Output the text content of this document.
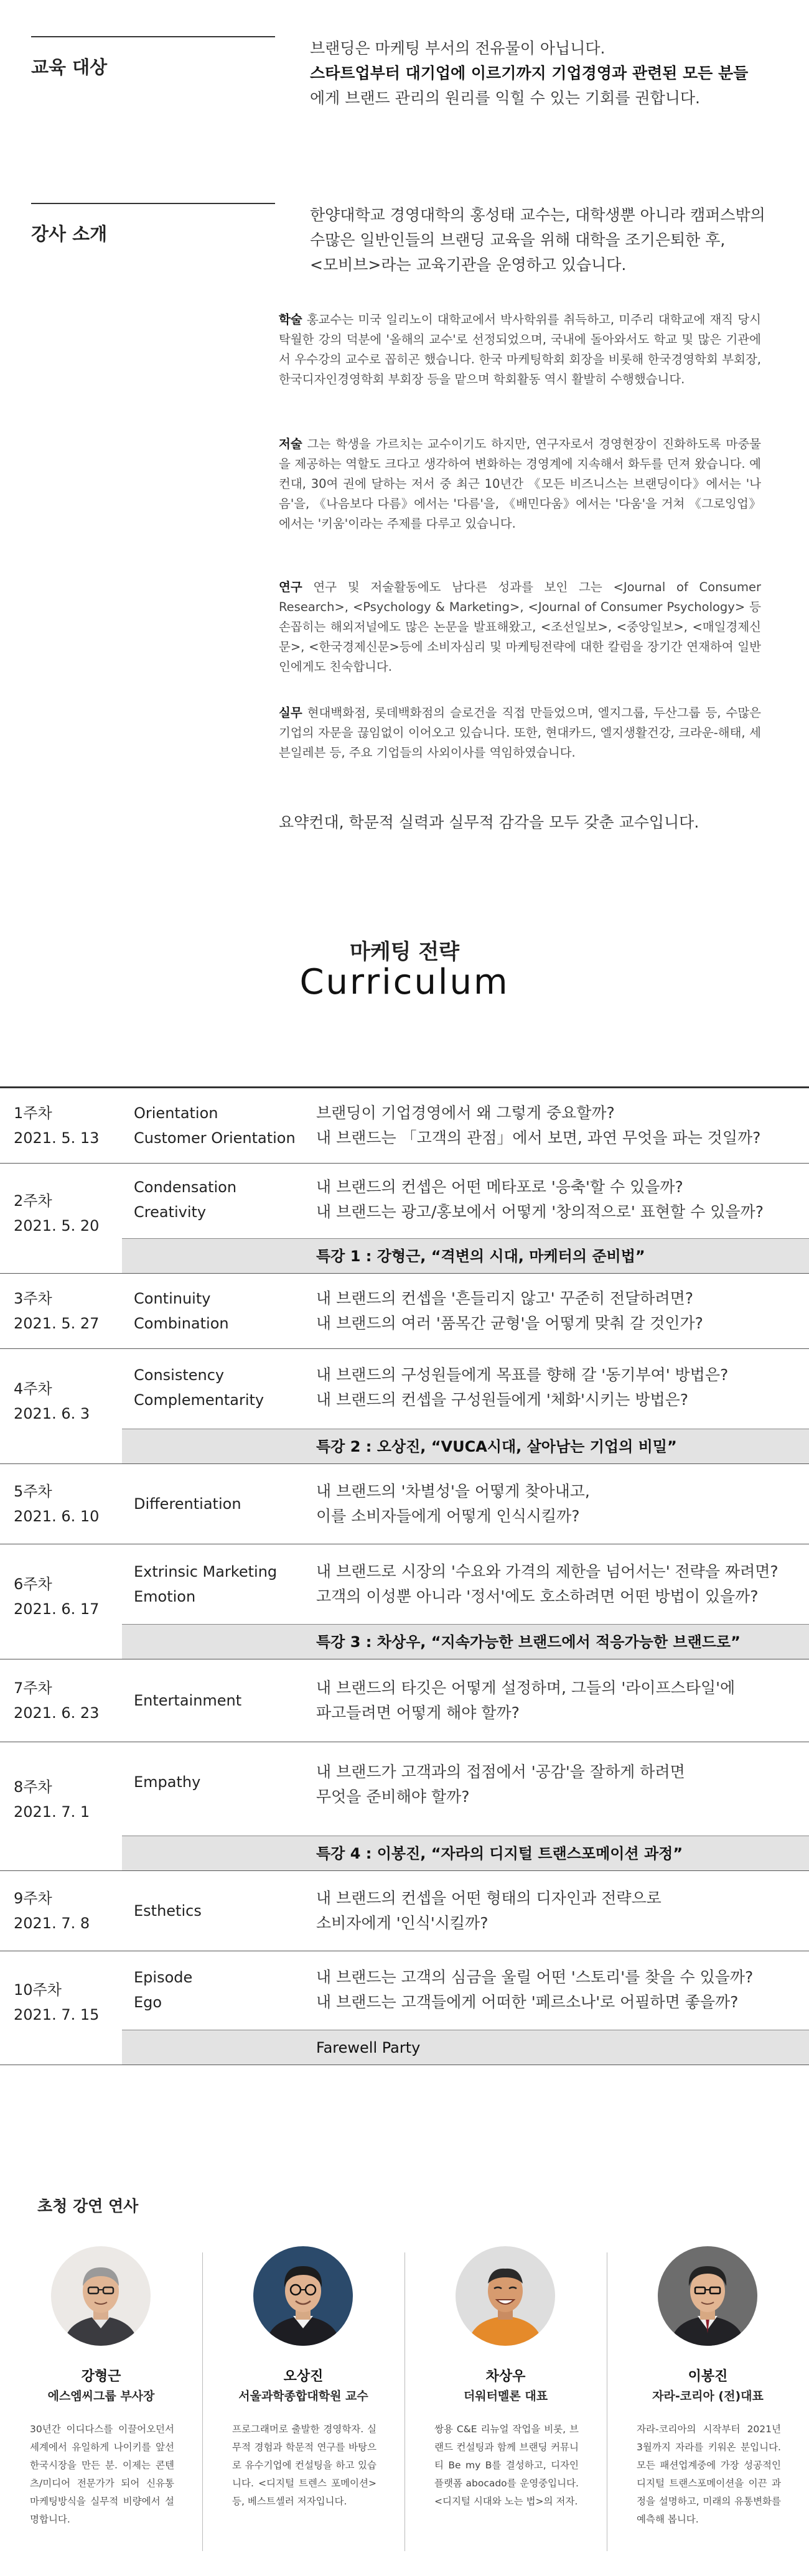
교육 대상
브랜딩은 마케팅 부서의 전유물이 아닙니다.
스타트업부터 대기업에 이르기까지 기업경영과 관련된 모든 분들
에게 브랜드 관리의 원리를 익힐 수 있는 기회를 권합니다.
강사 소개
한양대학교 경영대학의 홍성태 교수는, 대학생뿐 아니라 캠퍼스밖의
수많은 일반인들의 브랜딩 교육을 위해 대학을 조기은퇴한 후,
<모비브>라는 교육기관을 운영하고 있습니다.
학술 홍교수는 미국 일리노이 대학교에서 박사학위를 취득하고, 미주리 대학교에 재직 당시 탁월한 강의 덕분에 '올해의 교수'로 선정되었으며, 국내에 돌아와서도 학교 및 많은 기관에서 우수강의 교수로 꼽히곤 했습니다. 한국 마케팅학회 회장을 비롯해 한국경영학회 부회장, 한국디자인경영학회 부회장 등을 맡으며 학회활동 역시 활발히 수행했습니다.
저술 그는 학생을 가르치는 교수이기도 하지만, 연구자로서 경영현장이 진화하도록 마중물을 제공하는 역할도 크다고 생각하여 변화하는 경영계에 지속해서 화두를 던져 왔습니다. 예컨대, 30여 권에 달하는 저서 중 최근 10년간 《모든 비즈니스는 브랜딩이다》에서는 '나음'을, 《나음보다 다름》에서는 '다름'을, 《배민다움》에서는 '다움'을 거쳐 《그로잉업》에서는 '키움'이라는 주제를 다루고 있습니다.
연구 연구 및 저술활동에도 남다른 성과를 보인 그는 <Journal of Consumer Research>, <Psychology & Marketing>, <Journal of Consumer Psychology> 등 손꼽히는 해외저널에도 많은 논문을 발표해왔고, <조선일보>, <중앙일보>, <매일경제신문>, <한국경제신문>등에 소비자심리 및 마케팅전략에 대한 칼럼을 장기간 연재하여 일반인에게도 친숙합니다.
실무 현대백화점, 롯데백화점의 슬로건을 직접 만들었으며, 엘지그룹, 두산그룹 등, 수많은 기업의 자문을 끊임없이 이어오고 있습니다. 또한, 현대카드, 엘지생활건강, 크라운-해태, 세븐일레븐 등, 주요 기업들의 사외이사를 역임하였습니다.
요약컨대, 학문적 실력과 실무적 감각을 모두 갖춘 교수입니다.
마케팅 전략
Curriculum
1주차
2021. 5. 13
Orientation
Customer Orientation
브랜딩이 기업경영에서 왜 그렇게 중요할까?
내 브랜드는 「고객의 관점」에서 보면, 과연 무엇을 파는 것일까?
2주차
2021. 5. 20
Condensation
Creativity
내 브랜드의 컨셉은 어떤 메타포로 '응축'할 수 있을까?
내 브랜드는 광고/홍보에서 어떻게 '창의적으로' 표현할 수 있을까?
특강 1 : 강형근, “격변의 시대, 마케터의 준비법”
3주차
2021. 5. 27
Continuity
Combination
내 브랜드의 컨셉을 '흔들리지 않고' 꾸준히 전달하려면?
내 브랜드의 여러 '품목간 균형'을 어떻게 맞춰 갈 것인가?
4주차
2021. 6. 3
Consistency
Complementarity
내 브랜드의 구성원들에게 목표를 향해 갈 '동기부여' 방법은?
내 브랜드의 컨셉을 구성원들에게 '체화'시키는 방법은?
특강 2 : 오상진, “VUCA시대, 살아남는 기업의 비밀”
5주차
2021. 6. 10
Differentiation
내 브랜드의 '차별성'을 어떻게 찾아내고,
이를 소비자들에게 어떻게 인식시킬까?
6주차
2021. 6. 17
Extrinsic Marketing
Emotion
내 브랜드로 시장의 '수요와 가격의 제한을 넘어서는' 전략을 짜려면?
고객의 이성뿐 아니라 '정서'에도 호소하려면 어떤 방법이 있을까?
특강 3 : 차상우, “지속가능한 브랜드에서 적응가능한 브랜드로”
7주차
2021. 6. 23
Entertainment
내 브랜드의 타깃은 어떻게 설정하며, 그들의 '라이프스타일'에
파고들려면 어떻게 해야 할까?
8주차
2021. 7. 1
Empathy
내 브랜드가 고객과의 접점에서 '공감'을 잘하게 하려면
무엇을 준비해야 할까?
특강 4 : 이봉진, “자라의 디지털 트랜스포메이션 과정”
9주차
2021. 7. 8
Esthetics
내 브랜드의 컨셉을 어떤 형태의 디자인과 전략으로
소비자에게 '인식'시킬까?
10주차
2021. 7. 15
Episode
Ego
내 브랜드는 고객의 심금을 울릴 어떤 '스토리'를 찾을 수 있을까?
내 브랜드는 고객들에게 어떠한 '페르소나'로 어필하면 좋을까?
Farewell Party
초청 강연 연사
강형근
에스엠씨그룹 부사장
30년간 이디다스를 이끌어오던서 세계에서 유일하게 나이키를 앞선 한국시장을 만든 분. 이제는 콘텐츠/미디어 전문가가 되어 신유통 마케팅방식을 실무적 비량에서 설명합니다.
오상진
서울과학종합대학원 교수
프로그래머로 출발한 경영학자. 실무적 경험과 학문적 연구를 바탕으로 유수기업에 컨설팅을 하고 있습니다. <디지털 트렌스 포메이션> 등, 베스트셀러 저자입니다.
차상우
더워터멜론 대표
쌍용 C&E 리뉴얼 작업을 비롯, 브랜드 컨설팅과 함께 브랜딩 커뮤니티 Be my B를 결성하고, 디자인 플랫폼 abocado를 운영중입니다. <디지털 시대와 노는 법>의 저자.
이봉진
자라-코리아 (전)대표
자라-코리아의 시작부터 2021년 3월까지 자라를 키워온 분입니다. 모든 패션업계중에 가장 성공적인 디지털 트랜스포메이션을 이끈 과정을 설명하고, 미래의 유통변화를 예측해 봅니다.
